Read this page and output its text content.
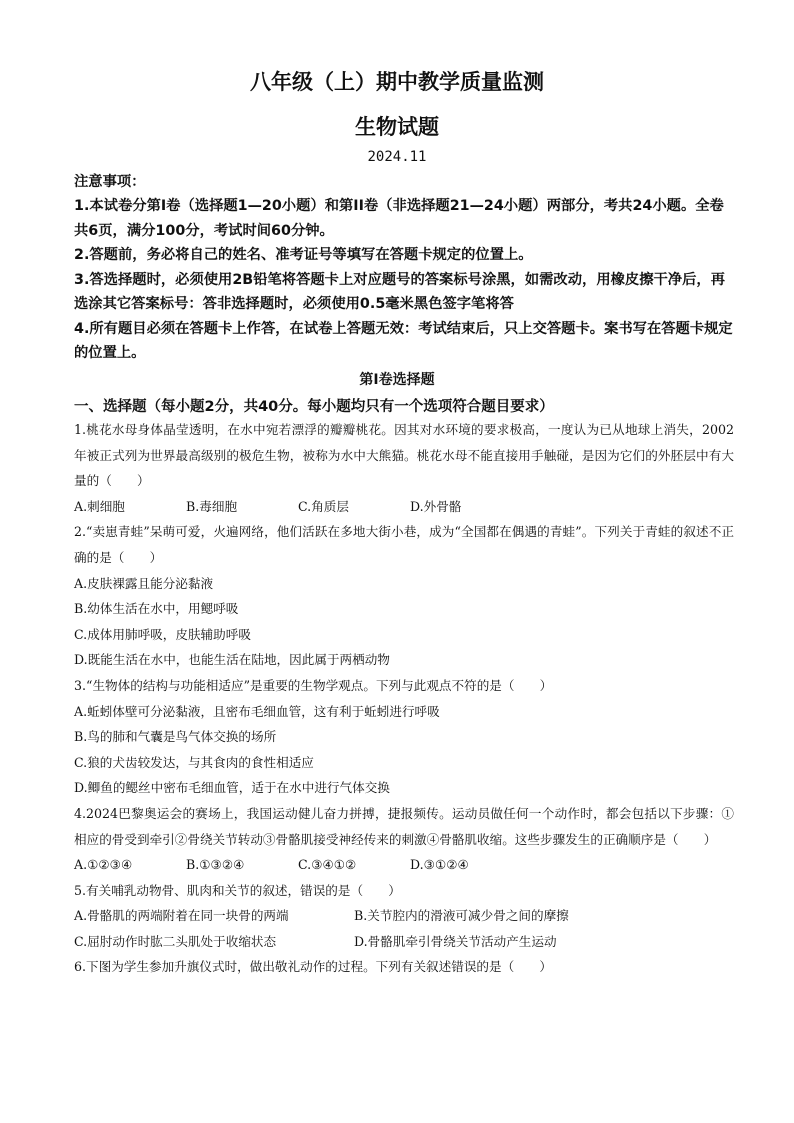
八年级（上）期中教学质量监测
生物试题
2024.11
注意事项：

1.本试卷分第Ⅰ卷（选择题1—20小题）和第II卷（非选择题21—24小题）两部分，考共24小题。全卷共6页，满分100分，考试时间60分钟。

2.答题前，务必将自己的姓名、准考证号等填写在答题卡规定的位置上。

3.答选择题时，必须使用2B铅笔将答题卡上对应题号的答案标号涂黑，如需改动，用橡皮擦干净后，再选涂其它答案标号：答非选择题时，必须使用0.5毫米黑色签字笔将答

4.所有题目必须在答题卡上作答，在试卷上答题无效：考试结束后，只上交答题卡。案书写在答题卡规定的位置上。

第Ⅰ卷选择题
一、选择题（每小题2分，共40分。每小题均只有一个选项符合题目要求）

1.桃花水母身体晶莹透明，在水中宛若漂浮的瓣瓣桃花。因其对水环境的要求极高，一度认为已从地球上消失，2002年被正式列为世界最高级别的极危生物，被称为水中大熊猫。桃花水母不能直接用手触碰，是因为它们的外胚层中有大量的（　　）

A.刺细胞	B.毒细胞	C.角质层	D.外骨骼

2.“卖崽青蛙”呆萌可爱，火遍网络，他们活跃在多地大街小巷，成为“全国都在偶遇的青蛙”。下列关于青蛙的叙述不正确的是（　　）

A.皮肤裸露且能分泌黏液

B.幼体生活在水中，用鳃呼吸

C.成体用肺呼吸，皮肤辅助呼吸

D.既能生活在水中，也能生活在陆地，因此属于两栖动物

3.“生物体的结构与功能相适应”是重要的生物学观点。下列与此观点不符的是（　　）

A.蚯蚓体壁可分泌黏液，且密布毛细血管，这有利于蚯蚓进行呼吸

B.鸟的肺和气囊是鸟气体交换的场所

C.狼的犬齿较发达，与其食肉的食性相适应

D.鲫鱼的鳃丝中密布毛细血管，适于在水中进行气体交换

4.2024巴黎奥运会的赛场上，我国运动健儿奋力拼搏，捷报频传。运动员做任何一个动作时，都会包括以下步骤：①相应的骨受到牵引②骨绕关节转动③骨骼肌接受神经传来的刺激④骨骼肌收缩。这些步骤发生的正确顺序是（　　）

A.①②③④	B.①③②④	C.③④①②	D.③①②④

5.有关哺乳动物骨、肌肉和关节的叙述，错误的是（　　）

A.骨骼肌的两端附着在同一块骨的两端	B.关节腔内的滑液可减少骨之间的摩擦
C.屈肘动作时肱二头肌处于收缩状态	D.骨骼肌牵引骨绕关节活动产生运动

6.下图为学生参加升旗仪式时，做出敬礼动作的过程。下列有关叙述错误的是（　　）
